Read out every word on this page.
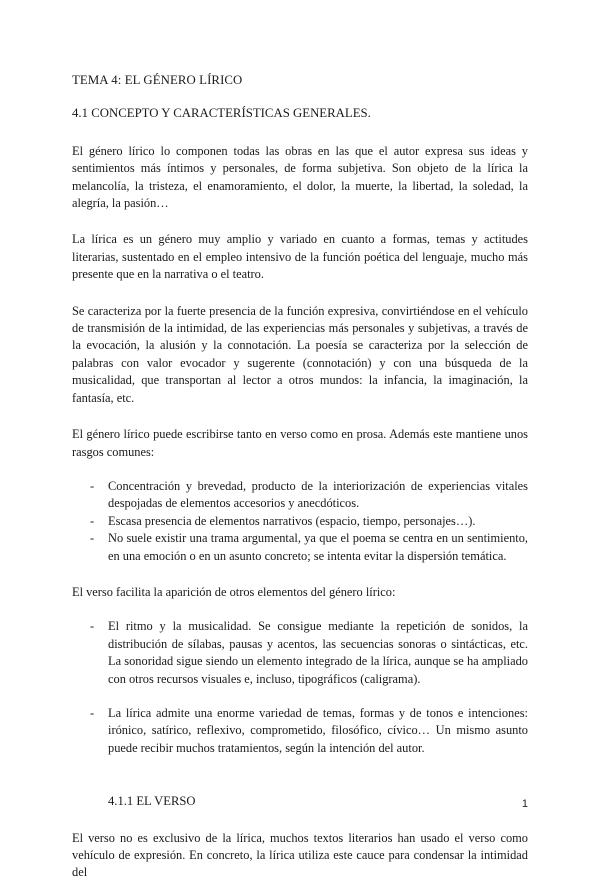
TEMA 4: EL GÉNERO LÍRICO
4.1 CONCEPTO Y CARACTERÍSTICAS GENERALES.

El género lírico lo componen todas las obras en las que el autor expresa sus ideas y sentimientos más íntimos y personales, de forma subjetiva. Son objeto de la lírica la melancolía, la tristeza, el enamoramiento, el dolor, la muerte, la libertad, la soledad, la alegría, la pasión…

La lírica es un género muy amplio y variado en cuanto a formas, temas y actitudes literarias, sustentado en el empleo intensivo de la función poética del lenguaje, mucho más presente que en la narrativa o el teatro.

Se caracteriza por la fuerte presencia de la función expresiva, convirtiéndose en el vehículo de transmisión de la intimidad, de las experiencias más personales y subjetivas, a través de la evocación, la alusión y la connotación. La poesía se caracteriza por la selección de palabras con valor evocador y sugerente (connotación) y con una búsqueda de la musicalidad, que transportan al lector a otros mundos: la infancia, la imaginación, la fantasía, etc.

El género lírico puede escribirse tanto en verso como en prosa. Además este mantiene unos rasgos comunes:

- Concentración y brevedad, producto de la interiorización de experiencias vitales despojadas de elementos accesorios y anecdóticos.
- Escasa presencia de elementos narrativos (espacio, tiempo, personajes…).
- No suele existir una trama argumental, ya que el poema se centra en un sentimiento, en una emoción o en un asunto concreto; se intenta evitar la dispersión temática.

El verso facilita la aparición de otros elementos del género lírico:

- El ritmo y la musicalidad. Se consigue mediante la repetición de sonidos, la distribución de sílabas, pausas y acentos, las secuencias sonoras o sintácticas, etc. La sonoridad sigue siendo un elemento integrado de la lírica, aunque se ha ampliado con otros recursos visuales e, incluso, tipográficos (caligrama).
- La lírica admite una enorme variedad de temas, formas y de tonos e intenciones: irónico, satírico, reflexivo, comprometido, filosófico, cívico… Un mismo asunto puede recibir muchos tratamientos, según la intención del autor.
4.1.1 EL VERSO

El verso no es exclusivo de la lírica, muchos textos literarios han usado el verso como vehículo de expresión. En concreto, la lírica utiliza este cauce para condensar la intimidad del

1
